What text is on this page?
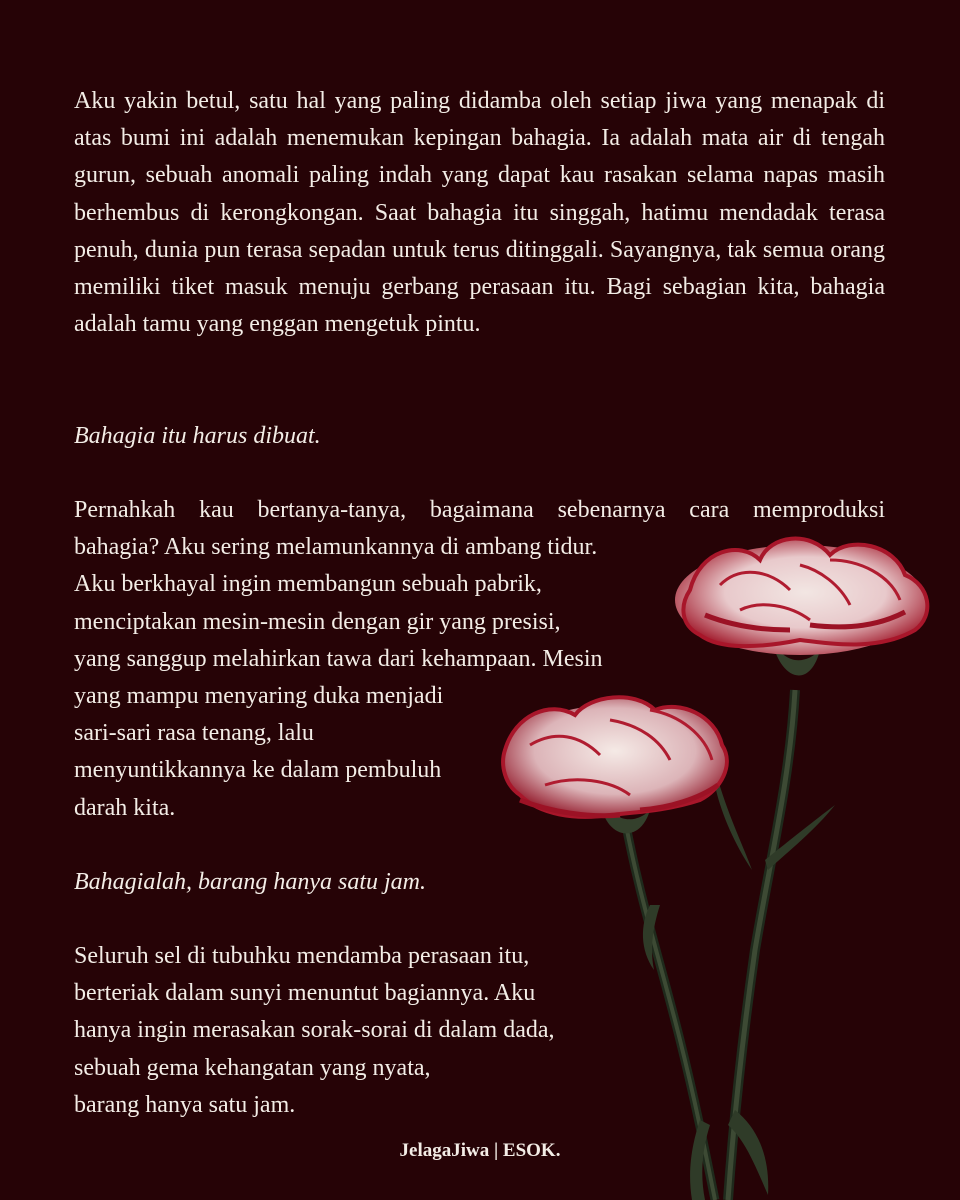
Aku yakin betul, satu hal yang paling didamba oleh setiap jiwa yang menapak di atas bumi ini adalah menemukan kepingan bahagia. Ia adalah mata air di tengah gurun, sebuah anomali paling indah yang dapat kau rasakan selama napas masih berhembus di kerongkongan. Saat bahagia itu singgah, hatimu mendadak terasa penuh, dunia pun terasa sepadan untuk terus ditinggali. Sayangnya, tak semua orang memiliki tiket masuk menuju gerbang perasaan itu. Bagi sebagian kita, bahagia adalah tamu yang enggan mengetuk pintu.
Bahagia itu harus dibuat.
Pernahkah kau bertanya-tanya, bagaimana sebenarnya cara memproduksi
bahagia? Aku sering melamunkannya di ambang tidur.
Aku berkhayal ingin membangun sebuah pabrik,
menciptakan mesin-mesin dengan gir yang presisi,
yang sanggup melahirkan tawa dari kehampaan. Mesin
yang mampu menyaring duka menjadi
sari-sari rasa tenang, lalu
menyuntikkannya ke dalam pembuluh
darah kita.
Bahagialah, barang hanya satu jam.
Seluruh sel di tubuhku mendamba perasaan itu,
berteriak dalam sunyi menuntut bagiannya. Aku
hanya ingin merasakan sorak-sorai di dalam dada,
sebuah gema kehangatan yang nyata,
barang hanya satu jam.
JelagaJiwa | ESOK.
